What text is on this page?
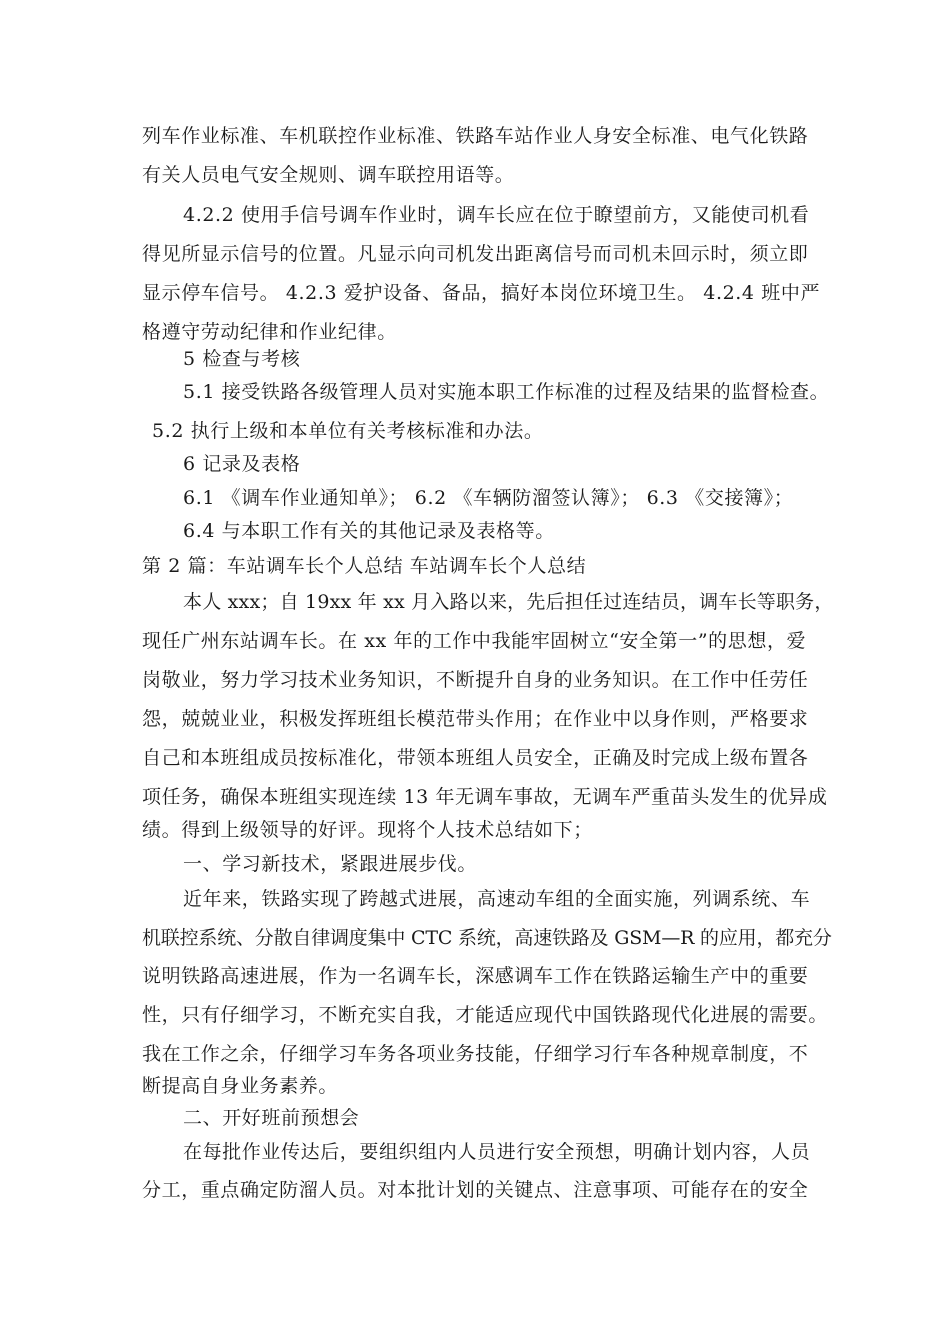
列车作业标准、车机联控作业标准、铁路车站作业人身安全标准、电气化铁路
有关人员电气安全规则、调车联控用语等。
4.2.2 使用手信号调车作业时，调车长应在位于瞭望前方，又能使司机看
得见所显示信号的位置。凡显示向司机发出距离信号而司机未回示时，须立即
显示停车信号。 4.2.3 爱护设备、备品，搞好本岗位环境卫生。 4.2.4 班中严
格遵守劳动纪律和作业纪律。
5 检查与考核
5.1 接受铁路各级管理人员对实施本职工作标准的过程及结果的监督检查。
5.2 执行上级和本单位有关考核标准和办法。
6 记录及表格
6.1 《调车作业通知单》； 6.2 《车辆防溜签认簿》； 6.3 《交接簿》；
6.4 与本职工作有关的其他记录及表格等。
第 2 篇：车站调车长个人总结 车站调车长个人总结
本人 xxx；自 19xx 年 xx 月入路以来，先后担任过连结员，调车长等职务，
现任广州东站调车长。在 xx 年的工作中我能牢固树立“安全第一”的思想，爱
岗敬业，努力学习技术业务知识，不断提升自身的业务知识。在工作中任劳任
怨，兢兢业业，积极发挥班组长模范带头作用；在作业中以身作则，严格要求
自己和本班组成员按标准化，带领本班组人员安全，正确及时完成上级布置各
项任务，确保本班组实现连续 13 年无调车事故，无调车严重苗头发生的优异成
绩。得到上级领导的好评。现将个人技术总结如下；
一、学习新技术，紧跟进展步伐。
近年来，铁路实现了跨越式进展，高速动车组的全面实施，列调系统、车
机联控系统、分散自律调度集中 CTC 系统，高速铁路及 GSM—R 的应用，都充分
说明铁路高速进展，作为一名调车长，深感调车工作在铁路运输生产中的重要
性，只有仔细学习，不断充实自我，才能适应现代中国铁路现代化进展的需要。
我在工作之余，仔细学习车务各项业务技能，仔细学习行车各种规章制度，不
断提高自身业务素养。
二、开好班前预想会
在每批作业传达后，要组织组内人员进行安全预想，明确计划内容，人员
分工，重点确定防溜人员。对本批计划的关键点、注意事项、可能存在的安全
